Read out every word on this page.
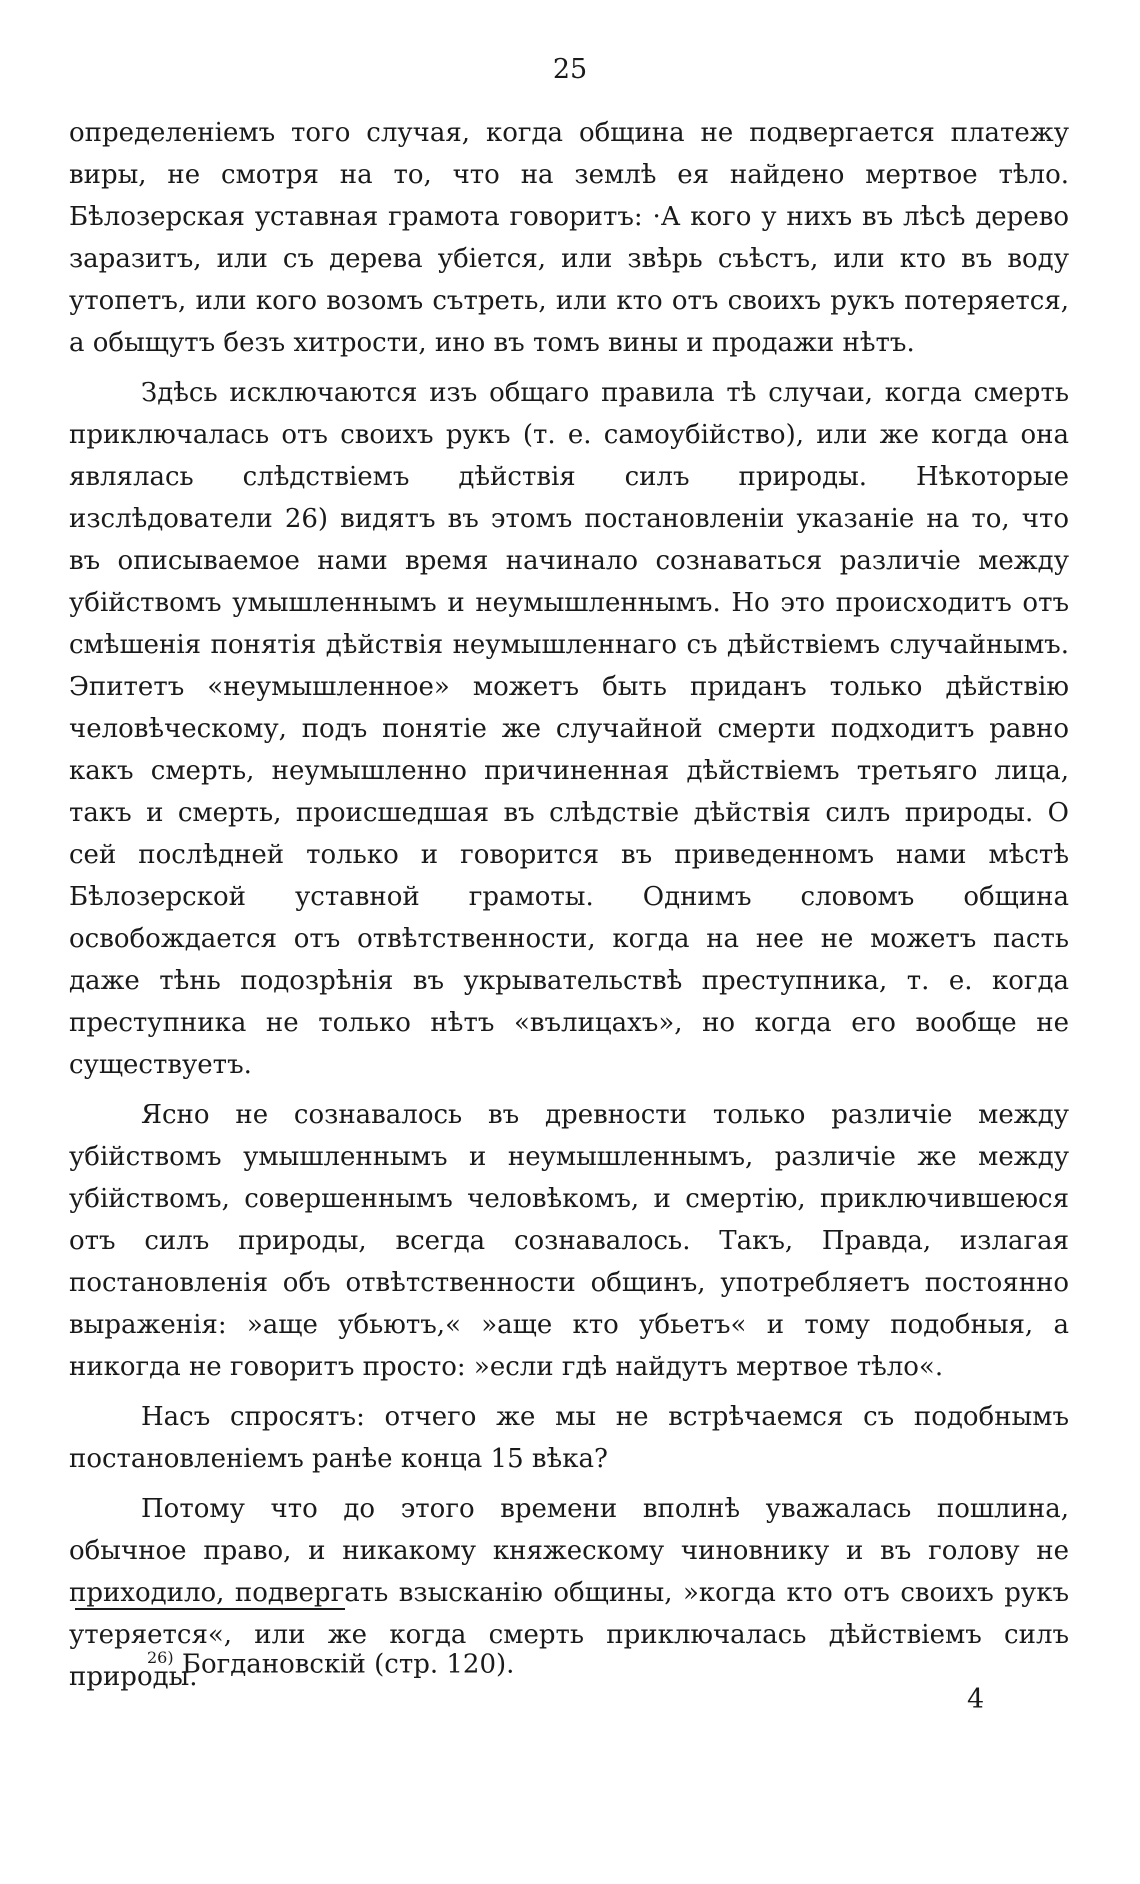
25

определеніемъ того случая, когда община не подвергается платежу виры, не смотря на то, что на землѣ ея найдено мертвое тѣло. Бѣлозерская уставная грамота говоритъ: ·А кого у нихъ въ лѣсѣ дерево заразитъ, или съ дерева убіется, или звѣрь съѣстъ, или кто въ воду утопетъ, или кого возомъ сътреть, или кто отъ своихъ рукъ потеряется, а обыщутъ безъ хитрости, ино въ томъ вины и продажи нѣтъ.

Здѣсь исключаются изъ общаго правила тѣ случаи, когда смерть приключалась отъ своихъ рукъ (т. е. самоубійство), или же когда она являлась слѣдствіемъ дѣйствія силъ природы. Нѣкоторые изслѣдователи 26) видятъ въ этомъ постановленіи указаніе на то, что въ описываемое нами время начинало сознаваться различіе между убійствомъ умышленнымъ и неумышленнымъ. Но это происходитъ отъ смѣшенія понятія дѣйствія неумышленнаго съ дѣйствіемъ случайнымъ. Эпитетъ «неумышленное» можетъ быть приданъ только дѣйствію человѣческому, подъ понятіе же случайной смерти подходитъ равно какъ смерть, неумышленно причиненная дѣйствіемъ третьяго лица, такъ и смерть, происшедшая въ слѣдствіе дѣйствія силъ природы. О сей послѣдней только и говорится въ приведенномъ нами мѣстѣ Бѣлозерской уставной грамоты. Однимъ словомъ община освобождается отъ отвѣтственности, когда на нее не можетъ пасть даже тѣнь подозрѣнія въ укрывательствѣ преступника, т. е. когда преступника не только нѣтъ «вълицахъ», но когда его вообще не существуетъ.

Ясно не сознавалось въ древности только различіе между убійствомъ умышленнымъ и неумышленнымъ, различіе же между убійствомъ, совершеннымъ человѣкомъ, и смертію, приключившеюся отъ силъ природы, всегда сознавалось. Такъ, Правда, излагая постановленія объ отвѣтственности общинъ, употребляетъ постоянно выраженія: »аще убьютъ,« »аще кто убьетъ« и тому подобныя, а никогда не говоритъ просто: »если гдѣ найдутъ мертвое тѣло«.

Насъ спросятъ: отчего же мы не встрѣчаемся съ подобнымъ постановленіемъ ранѣе конца 15 вѣка?

Потому что до этого времени вполнѣ уважалась пошлина, обычное право, и никакому княжескому чиновнику и въ голову не приходило, подвергать взысканію общины, »когда кто отъ своихъ рукъ утеряется«, или же когда смерть приключалась дѣйствіемъ силъ природы.

$^{26)}$ Богдановскій (стр. 120).
4
